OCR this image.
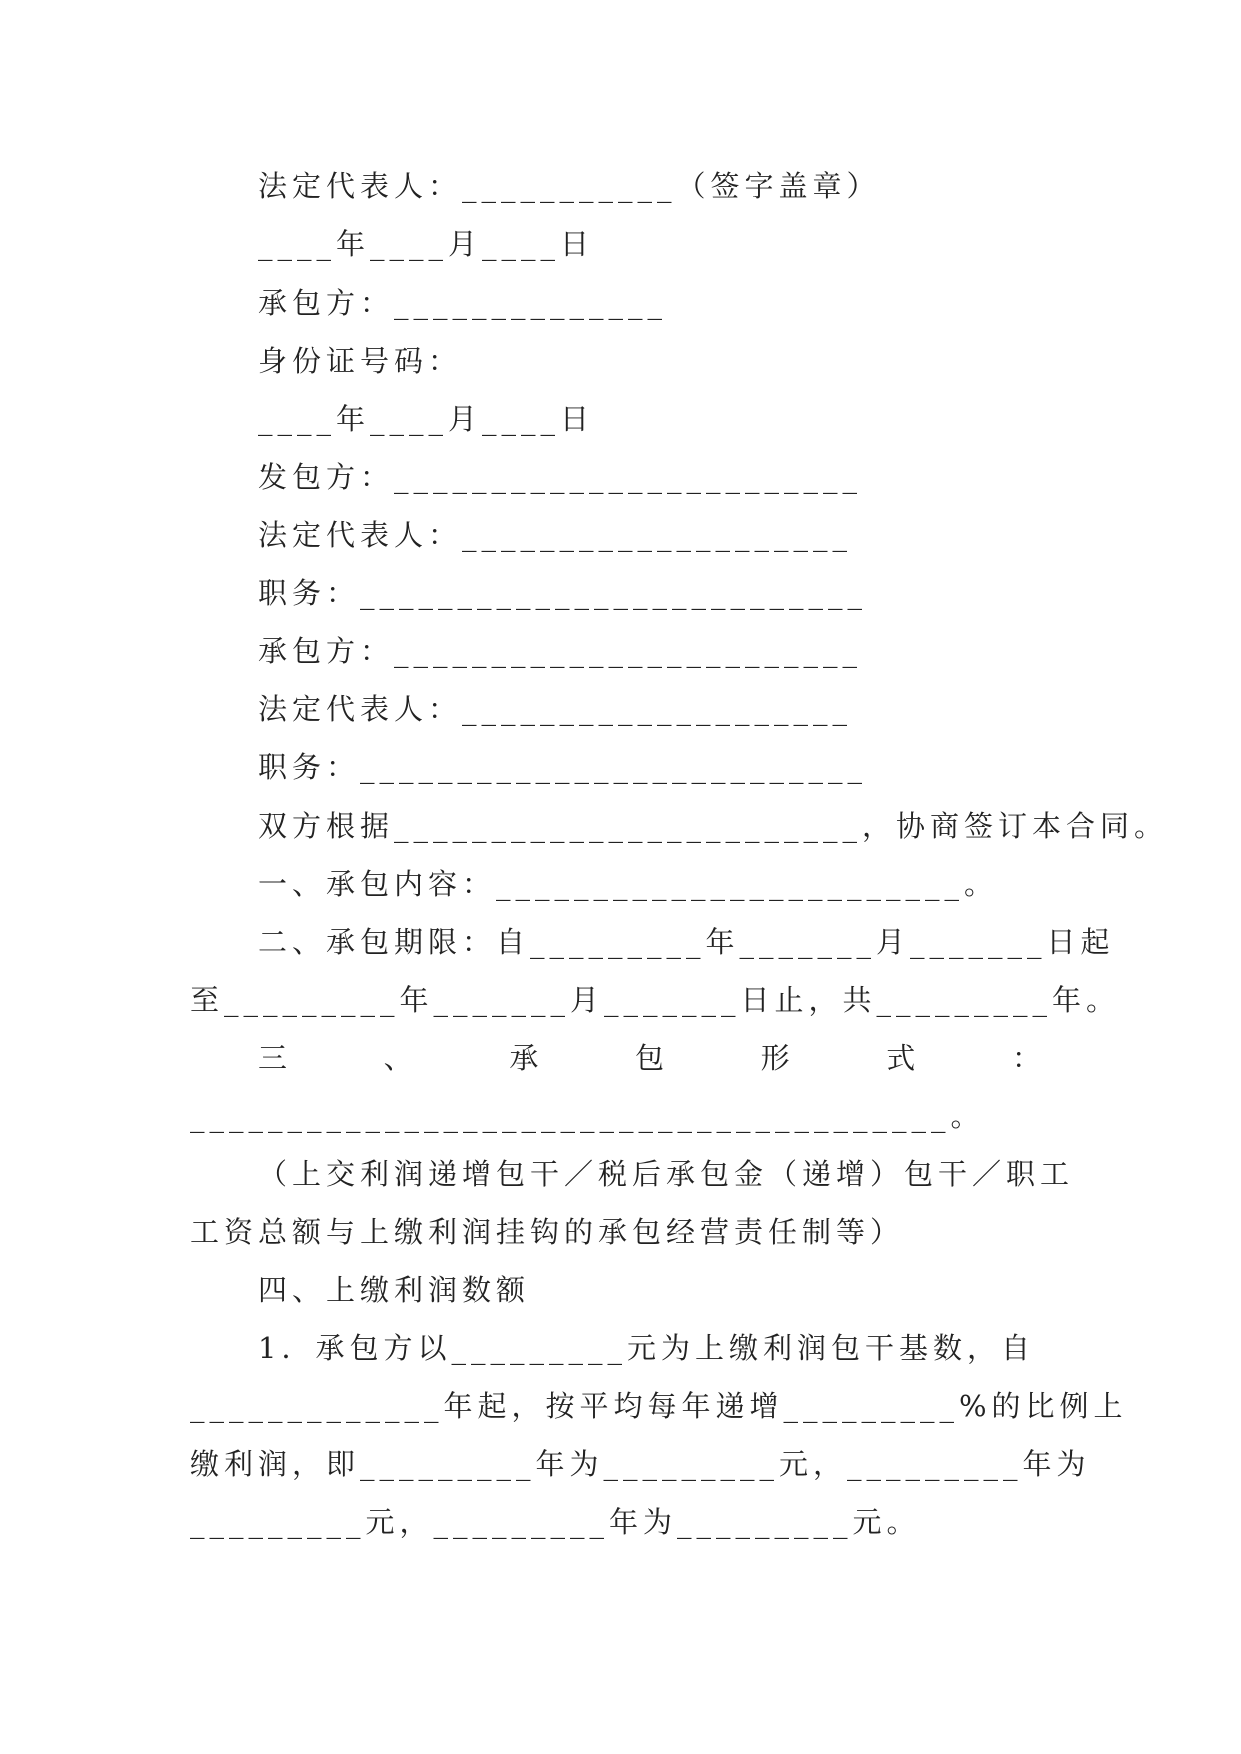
法定代表人：___________（签字盖章）
____年____月____日
承包方：______________
身份证号码：
____年____月____日
发包方：________________________
法定代表人：____________________
职务：__________________________
承包方：________________________
法定代表人：____________________
职务：__________________________
双方根据________________________，协商签订本合同。
一、承包内容：________________________。
二、承包期限：自_________年_______月_______日起
至_________年_______月_______日止，共_________年。
三	、	承	包	形	式	：
_______________________________________。
（上交利润递增包干／税后承包金（递增）包干／职工
工资总额与上缴利润挂钩的承包经营责任制等）
四、上缴利润数额
1．承包方以_________元为上缴利润包干基数，自
_____________年起，按平均每年递增_________%的比例上
缴利润，即_________年为_________元，_________年为
_________元，_________年为_________元。
